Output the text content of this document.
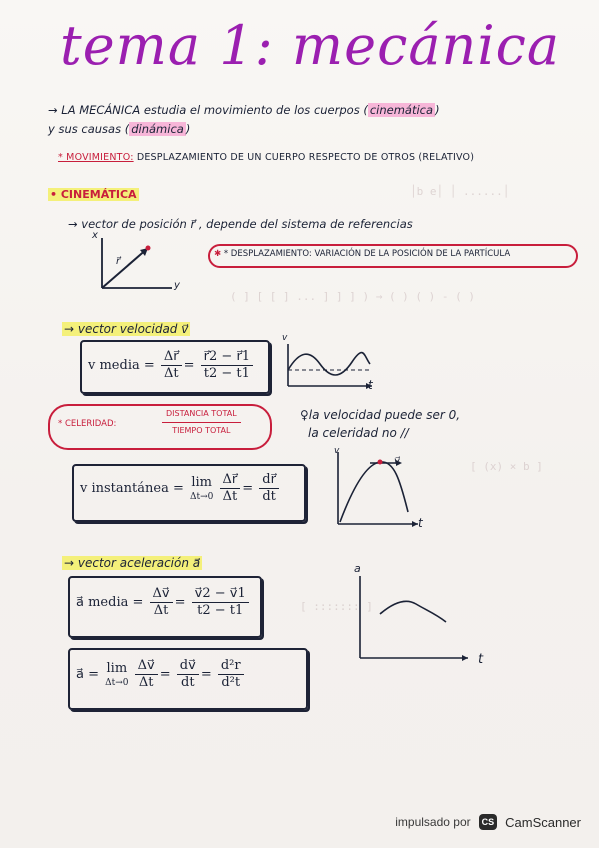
│b e│ │ ......│
( ] [ [ ] ... ] ] ] ) → ( ) ( ) - ( )
[ (x) × b ]
[ ::::::: ]
tema 1: mecánica
→ LA MECÁNICA estudia el movimiento de los cuerpos ( cinemática )
y sus causas ( dinámica )
* MOVIMIENTO: DESPLAZAMIENTO DE UN CUERPO RESPECTO DE OTROS (RELATIVO)
• CINEMÁTICA
→ vector de posición r⃗ , depende del sistema de referencias
x
y
r⃗
✱ * DESPLAZAMIENTO: VARIACIÓN DE LA POSICIÓN DE LA PARTÍCULA
→ vector velocidad v⃗
v media = $\frac{\Delta r⃗}{\Delta t} = \frac{r⃗2 - r⃗1}{t2 - t1}$
v
t
* CELERIDAD:	$\frac{\text{DISTANCIA TOTAL}}{\text{TIEMPO TOTAL}}$	♀la velocidad puede ser 0,
la celeridad no //
v instantánea = lim
Δt→0
$\frac{\Delta r⃗}{\Delta t} = \frac{dr⃗}{dt}$
v
v⃗
t
→ vector aceleración a⃗
a⃗ media = $\frac{\Delta v⃗}{\Delta t} = \frac{v⃗2 - v⃗1}{t2 - t1}$
a⃗ = lim
Δt→0
$\frac{\Delta v⃗}{\Delta t} = \frac{dv⃗}{dt} = \frac{\text{d²r}}{\text{d²t}}$
a
t
impulsado por	CS CamScanner
